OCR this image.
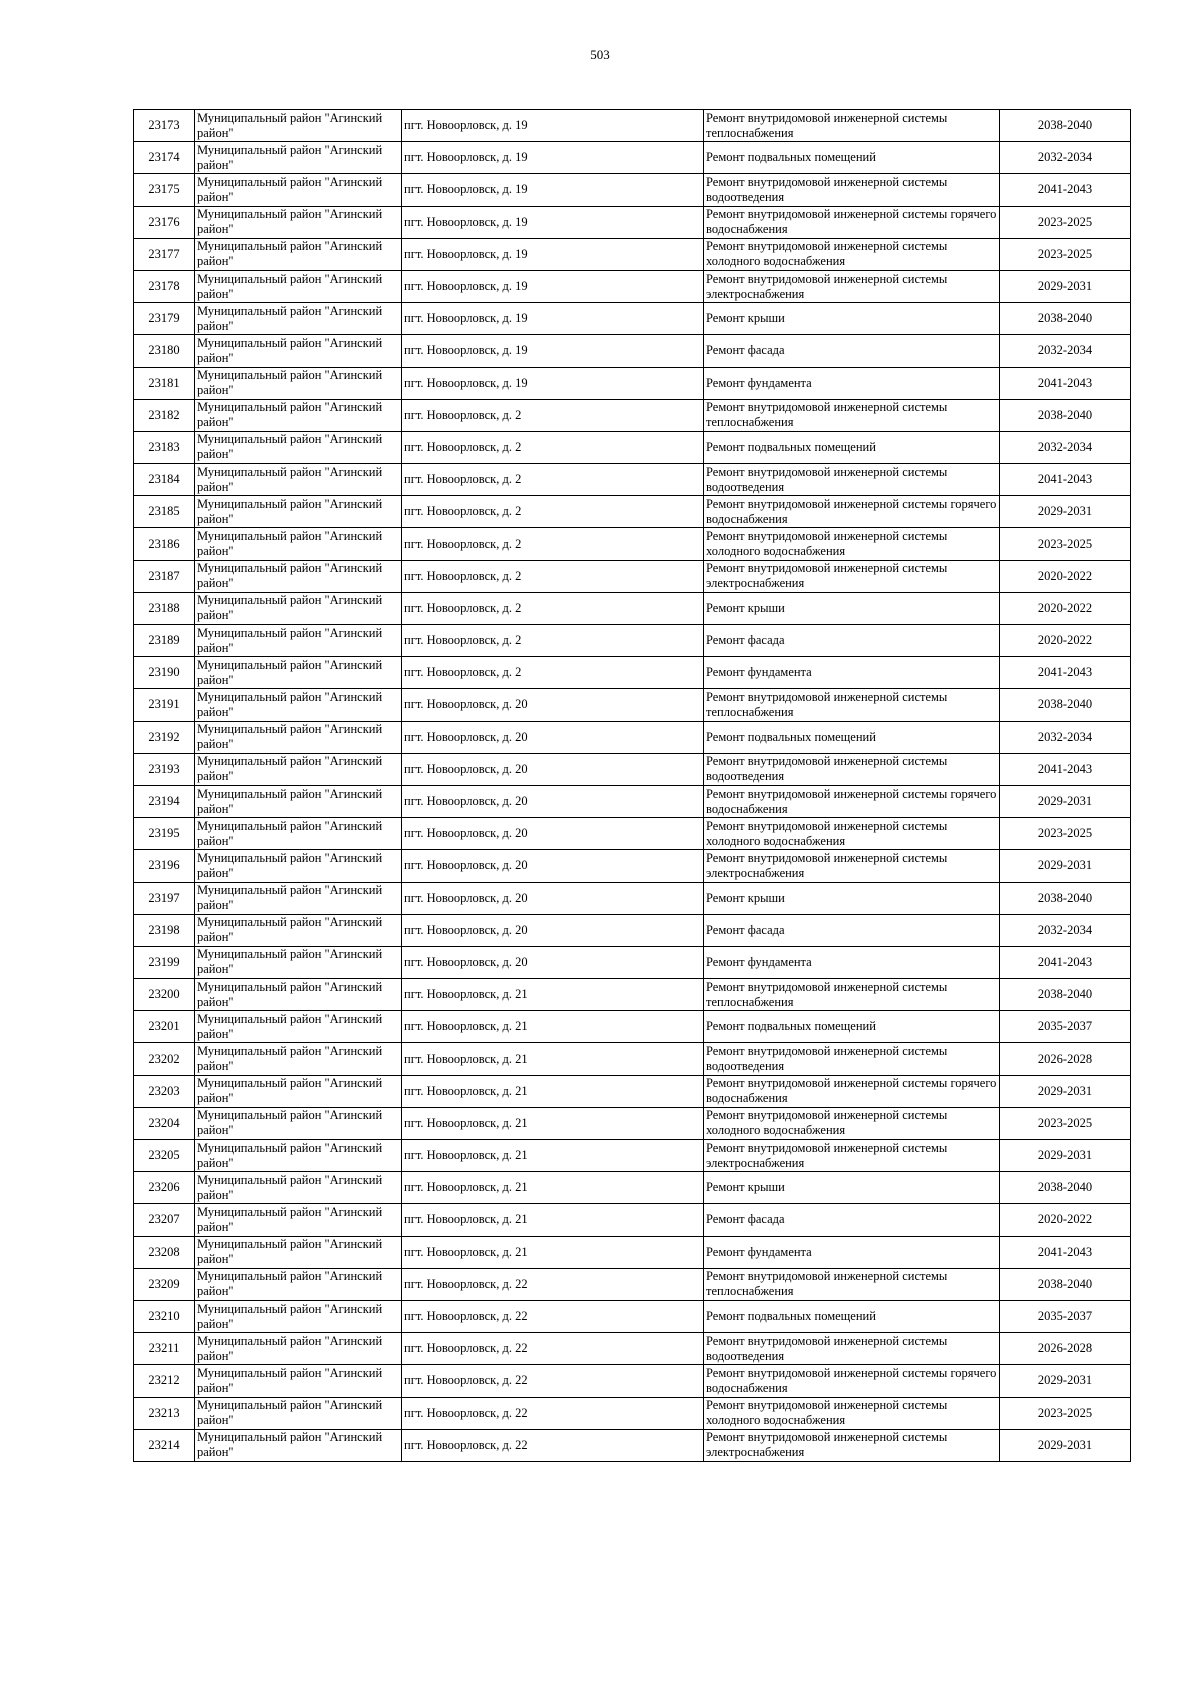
503
23173	Муниципальный район "Агинский район"	пгт. Новоорловск, д. 19	Ремонт внутридомовой инженерной системы теплоснабжения	2038-2040
23174	Муниципальный район "Агинский район"	пгт. Новоорловск, д. 19	Ремонт подвальных помещений	2032-2034
23175	Муниципальный район "Агинский район"	пгт. Новоорловск, д. 19	Ремонт внутридомовой инженерной системы водоотведения	2041-2043
23176	Муниципальный район "Агинский район"	пгт. Новоорловск, д. 19	Ремонт внутридомовой инженерной системы горячего водоснабжения	2023-2025
23177	Муниципальный район "Агинский район"	пгт. Новоорловск, д. 19	Ремонт внутридомовой инженерной системы холодного водоснабжения	2023-2025
23178	Муниципальный район "Агинский район"	пгт. Новоорловск, д. 19	Ремонт внутридомовой инженерной системы электроснабжения	2029-2031
23179	Муниципальный район "Агинский район"	пгт. Новоорловск, д. 19	Ремонт крыши	2038-2040
23180	Муниципальный район "Агинский район"	пгт. Новоорловск, д. 19	Ремонт фасада	2032-2034
23181	Муниципальный район "Агинский район"	пгт. Новоорловск, д. 19	Ремонт фундамента	2041-2043
23182	Муниципальный район "Агинский район"	пгт. Новоорловск, д. 2	Ремонт внутридомовой инженерной системы теплоснабжения	2038-2040
23183	Муниципальный район "Агинский район"	пгт. Новоорловск, д. 2	Ремонт подвальных помещений	2032-2034
23184	Муниципальный район "Агинский район"	пгт. Новоорловск, д. 2	Ремонт внутридомовой инженерной системы водоотведения	2041-2043
23185	Муниципальный район "Агинский район"	пгт. Новоорловск, д. 2	Ремонт внутридомовой инженерной системы горячего водоснабжения	2029-2031
23186	Муниципальный район "Агинский район"	пгт. Новоорловск, д. 2	Ремонт внутридомовой инженерной системы холодного водоснабжения	2023-2025
23187	Муниципальный район "Агинский район"	пгт. Новоорловск, д. 2	Ремонт внутридомовой инженерной системы электроснабжения	2020-2022
23188	Муниципальный район "Агинский район"	пгт. Новоорловск, д. 2	Ремонт крыши	2020-2022
23189	Муниципальный район "Агинский район"	пгт. Новоорловск, д. 2	Ремонт фасада	2020-2022
23190	Муниципальный район "Агинский район"	пгт. Новоорловск, д. 2	Ремонт фундамента	2041-2043
23191	Муниципальный район "Агинский район"	пгт. Новоорловск, д. 20	Ремонт внутридомовой инженерной системы теплоснабжения	2038-2040
23192	Муниципальный район "Агинский район"	пгт. Новоорловск, д. 20	Ремонт подвальных помещений	2032-2034
23193	Муниципальный район "Агинский район"	пгт. Новоорловск, д. 20	Ремонт внутридомовой инженерной системы водоотведения	2041-2043
23194	Муниципальный район "Агинский район"	пгт. Новоорловск, д. 20	Ремонт внутридомовой инженерной системы горячего водоснабжения	2029-2031
23195	Муниципальный район "Агинский район"	пгт. Новоорловск, д. 20	Ремонт внутридомовой инженерной системы холодного водоснабжения	2023-2025
23196	Муниципальный район "Агинский район"	пгт. Новоорловск, д. 20	Ремонт внутридомовой инженерной системы электроснабжения	2029-2031
23197	Муниципальный район "Агинский район"	пгт. Новоорловск, д. 20	Ремонт крыши	2038-2040
23198	Муниципальный район "Агинский район"	пгт. Новоорловск, д. 20	Ремонт фасада	2032-2034
23199	Муниципальный район "Агинский район"	пгт. Новоорловск, д. 20	Ремонт фундамента	2041-2043
23200	Муниципальный район "Агинский район"	пгт. Новоорловск, д. 21	Ремонт внутридомовой инженерной системы теплоснабжения	2038-2040
23201	Муниципальный район "Агинский район"	пгт. Новоорловск, д. 21	Ремонт подвальных помещений	2035-2037
23202	Муниципальный район "Агинский район"	пгт. Новоорловск, д. 21	Ремонт внутридомовой инженерной системы водоотведения	2026-2028
23203	Муниципальный район "Агинский район"	пгт. Новоорловск, д. 21	Ремонт внутридомовой инженерной системы горячего водоснабжения	2029-2031
23204	Муниципальный район "Агинский район"	пгт. Новоорловск, д. 21	Ремонт внутридомовой инженерной системы холодного водоснабжения	2023-2025
23205	Муниципальный район "Агинский район"	пгт. Новоорловск, д. 21	Ремонт внутридомовой инженерной системы электроснабжения	2029-2031
23206	Муниципальный район "Агинский район"	пгт. Новоорловск, д. 21	Ремонт крыши	2038-2040
23207	Муниципальный район "Агинский район"	пгт. Новоорловск, д. 21	Ремонт фасада	2020-2022
23208	Муниципальный район "Агинский район"	пгт. Новоорловск, д. 21	Ремонт фундамента	2041-2043
23209	Муниципальный район "Агинский район"	пгт. Новоорловск, д. 22	Ремонт внутридомовой инженерной системы теплоснабжения	2038-2040
23210	Муниципальный район "Агинский район"	пгт. Новоорловск, д. 22	Ремонт подвальных помещений	2035-2037
23211	Муниципальный район "Агинский район"	пгт. Новоорловск, д. 22	Ремонт внутридомовой инженерной системы водоотведения	2026-2028
23212	Муниципальный район "Агинский район"	пгт. Новоорловск, д. 22	Ремонт внутридомовой инженерной системы горячего водоснабжения	2029-2031
23213	Муниципальный район "Агинский район"	пгт. Новоорловск, д. 22	Ремонт внутридомовой инженерной системы холодного водоснабжения	2023-2025
23214	Муниципальный район "Агинский район"	пгт. Новоорловск, д. 22	Ремонт внутридомовой инженерной системы электроснабжения	2029-2031
